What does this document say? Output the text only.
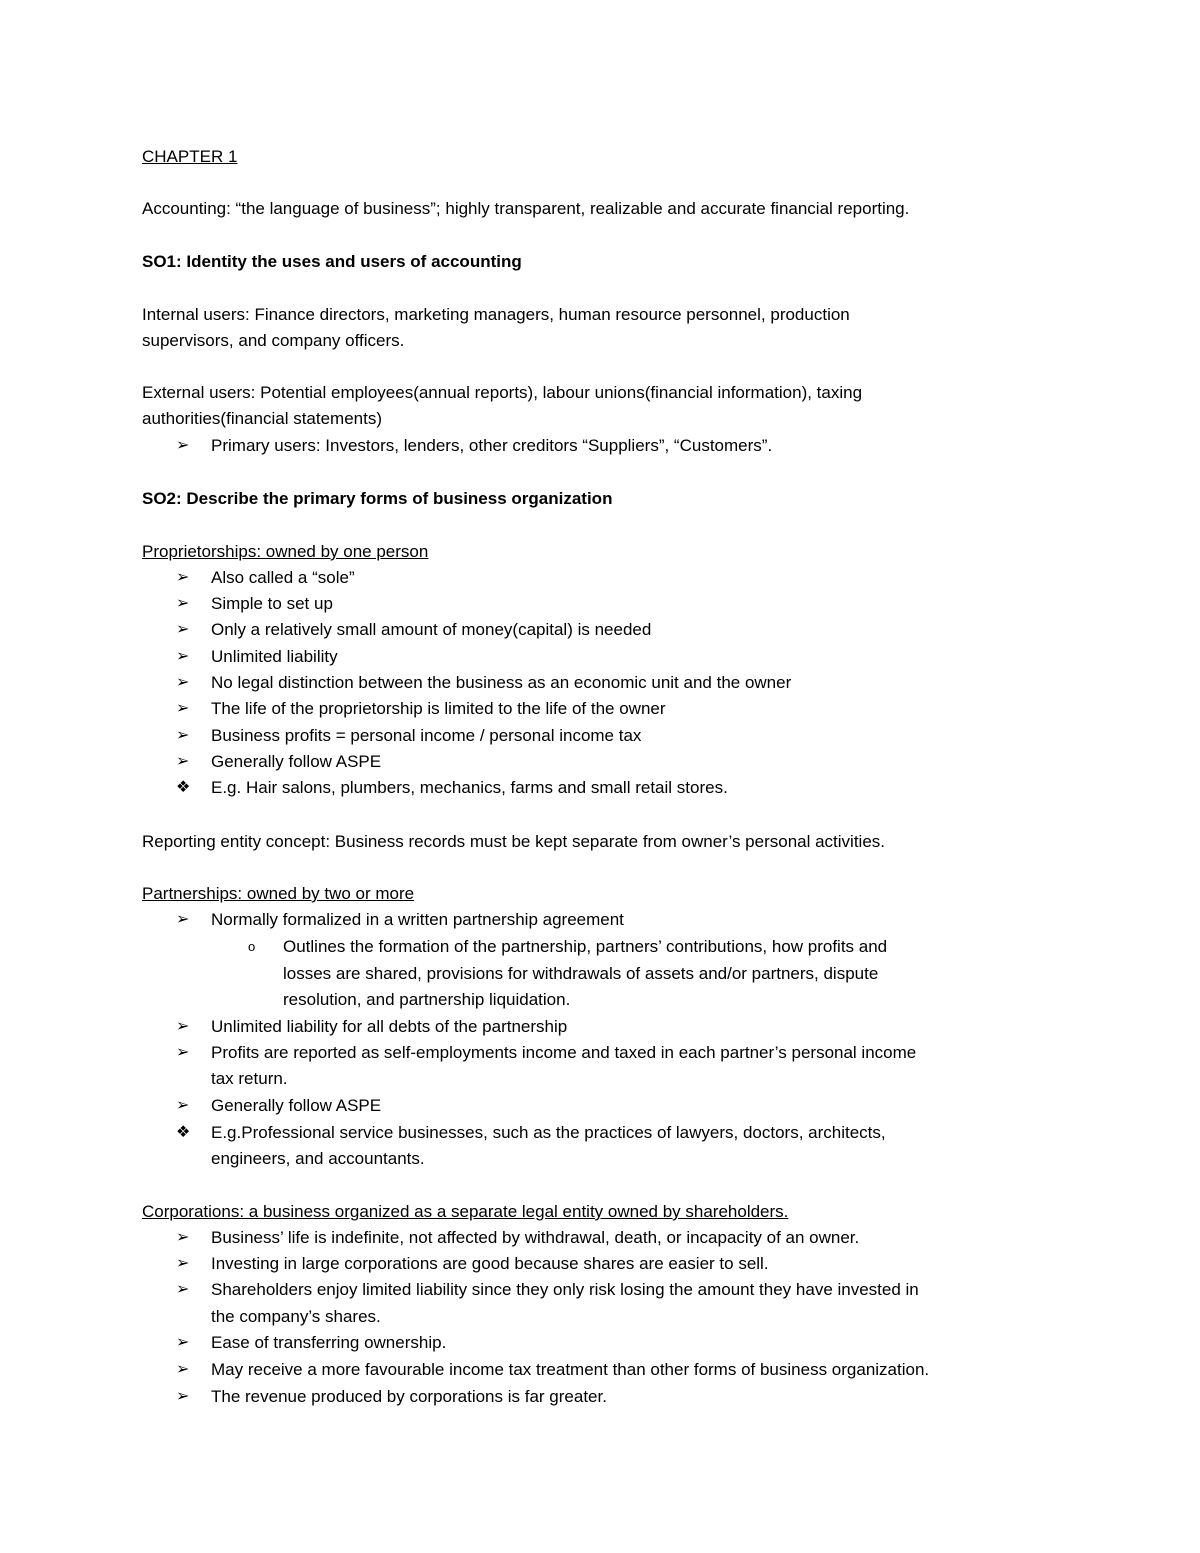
CHAPTER 1
Accounting: “the language of business”; highly transparent, realizable and accurate financial reporting.
SO1: Identity the uses and users of accounting
Internal users: Finance directors, marketing managers, human resource personnel, production
supervisors, and company officers.
External users: Potential employees(annual reports), labour unions(financial information), taxing
authorities(financial statements)
➢	Primary users: Investors, lenders, other creditors “Suppliers”, “Customers”.
SO2: Describe the primary forms of business organization
Proprietorships: owned by one person
➢	Also called a “sole”
➢	Simple to set up
➢	Only a relatively small amount of money(capital) is needed
➢	Unlimited liability
➢	No legal distinction between the business as an economic unit and the owner
➢	The life of the proprietorship is limited to the life of the owner
➢	Business profits = personal income / personal income tax
➢	Generally follow ASPE
❖	E.g. Hair salons, plumbers, mechanics, farms and small retail stores.
Reporting entity concept: Business records must be kept separate from owner’s personal activities.
Partnerships: owned by two or more
➢	Normally formalized in a written partnership agreement
o	Outlines the formation of the partnership, partners’ contributions, how profits and
losses are shared, provisions for withdrawals of assets and/or partners, dispute
resolution, and partnership liquidation.
➢	Unlimited liability for all debts of the partnership
➢	Profits are reported as self-employments income and taxed in each partner’s personal income
tax return.
➢	Generally follow ASPE
❖	E.g.Professional service businesses, such as the practices of lawyers, doctors, architects,
engineers, and accountants.
Corporations: a business organized as a separate legal entity owned by shareholders.
➢	Business’ life is indefinite, not affected by withdrawal, death, or incapacity of an owner.
➢	Investing in large corporations are good because shares are easier to sell.
➢	Shareholders enjoy limited liability since they only risk losing the amount they have invested in
the company’s shares.
➢	Ease of transferring ownership.
➢	May receive a more favourable income tax treatment than other forms of business organization.
➢	The revenue produced by corporations is far greater.
